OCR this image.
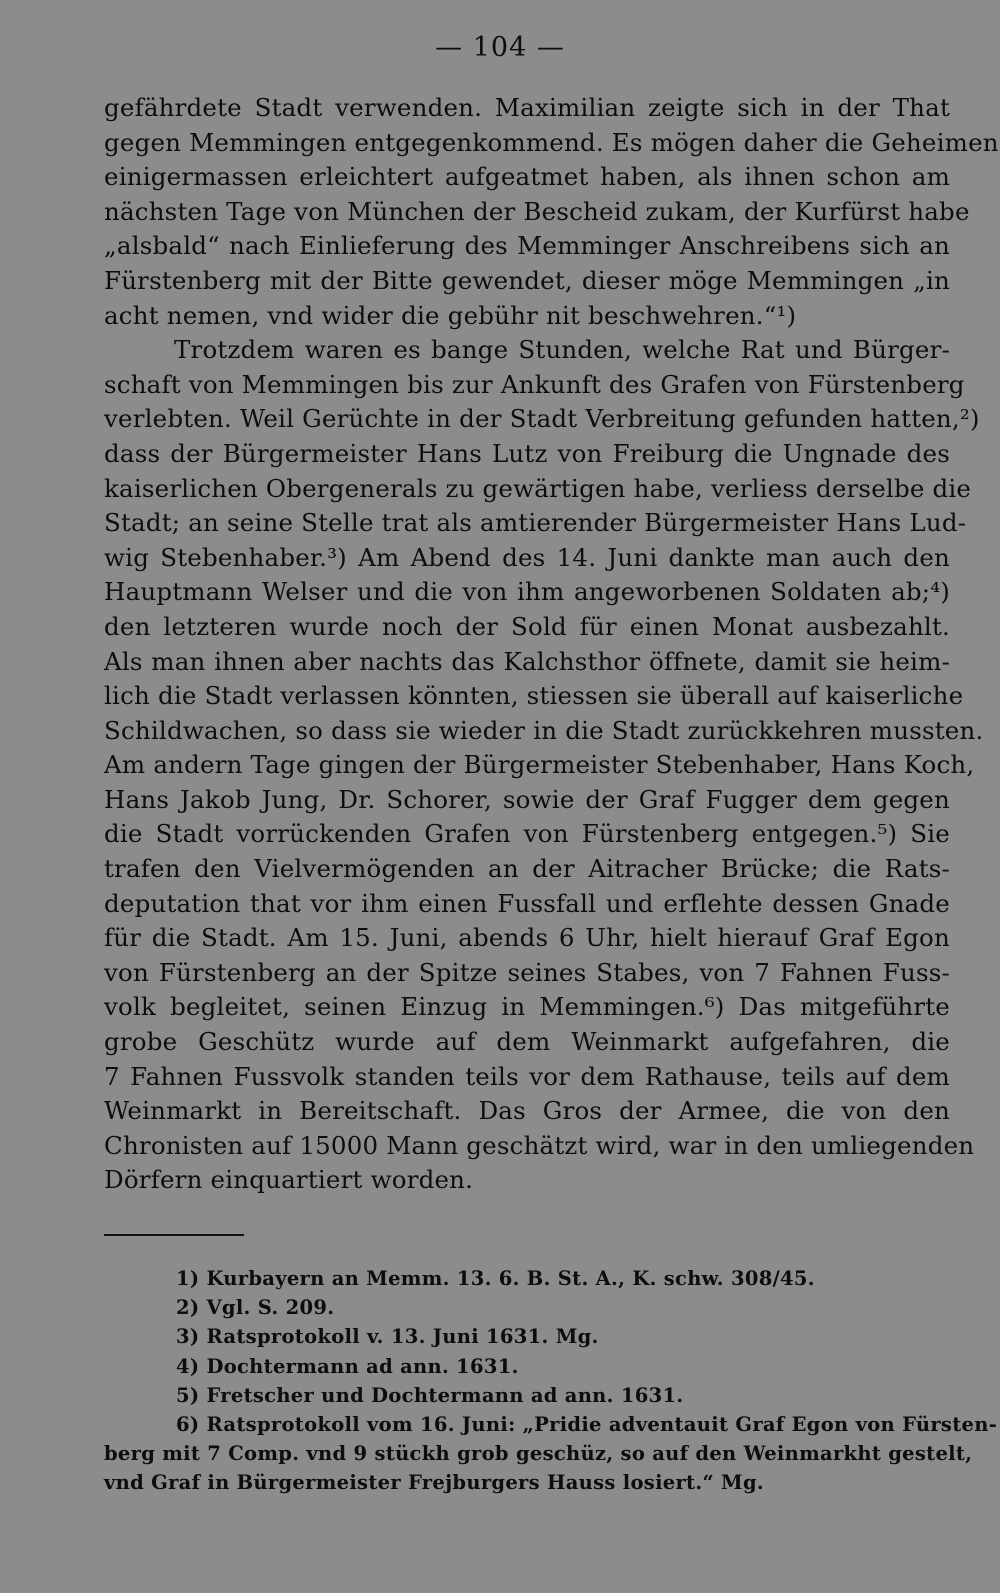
— 104 —
gefährdete Stadt verwenden. Maximilian zeigte sich in der That
gegen Memmingen entgegenkommend. Es mögen daher die Geheimen
einigermassen erleichtert aufgeatmet haben, als ihnen schon am
nächsten Tage von München der Bescheid zukam, der Kurfürst habe
„alsbald“ nach Einlieferung des Memminger Anschreibens sich an
Fürstenberg mit der Bitte gewendet, dieser möge Memmingen „in
acht nemen, vnd wider die gebühr nit beschwehren.“¹)
Trotzdem waren es bange Stunden, welche Rat und Bürger-
schaft von Memmingen bis zur Ankunft des Grafen von Fürstenberg
verlebten. Weil Gerüchte in der Stadt Verbreitung gefunden hatten,²)
dass der Bürgermeister Hans Lutz von Freiburg die Ungnade des
kaiserlichen Obergenerals zu gewärtigen habe, verliess derselbe die
Stadt; an seine Stelle trat als amtierender Bürgermeister Hans Lud-
wig Stebenhaber.³) Am Abend des 14. Juni dankte man auch den
Hauptmann Welser und die von ihm angeworbenen Soldaten ab;⁴)
den letzteren wurde noch der Sold für einen Monat ausbezahlt.
Als man ihnen aber nachts das Kalchsthor öffnete, damit sie heim-
lich die Stadt verlassen könnten, stiessen sie überall auf kaiserliche
Schildwachen, so dass sie wieder in die Stadt zurückkehren mussten.
Am andern Tage gingen der Bürgermeister Stebenhaber, Hans Koch,
Hans Jakob Jung, Dr. Schorer, sowie der Graf Fugger dem gegen
die Stadt vorrückenden Grafen von Fürstenberg entgegen.⁵) Sie
trafen den Vielvermögenden an der Aitracher Brücke; die Rats-
deputation that vor ihm einen Fussfall und erflehte dessen Gnade
für die Stadt. Am 15. Juni, abends 6 Uhr, hielt hierauf Graf Egon
von Fürstenberg an der Spitze seines Stabes, von 7 Fahnen Fuss-
volk begleitet, seinen Einzug in Memmingen.⁶) Das mitgeführte
grobe Geschütz wurde auf dem Weinmarkt aufgefahren, die
7 Fahnen Fussvolk standen teils vor dem Rathause, teils auf dem
Weinmarkt in Bereitschaft. Das Gros der Armee, die von den
Chronisten auf 15000 Mann geschätzt wird, war in den umliegenden
Dörfern einquartiert worden.
1) Kurbayern an Memm. 13. 6. B. St. A., K. schw. 308/45.
2) Vgl. S. 209.
3) Ratsprotokoll v. 13. Juni 1631. Mg.
4) Dochtermann ad ann. 1631.
5) Fretscher und Dochtermann ad ann. 1631.
6) Ratsprotokoll vom 16. Juni: „Pridie adventauit Graf Egon von Fürsten-
berg mit 7 Comp. vnd 9 stückh grob geschüz, so auf den Weinmarkht gestelt,
vnd Graf in Bürgermeister Frejburgers Hauss losiert.“ Mg.
